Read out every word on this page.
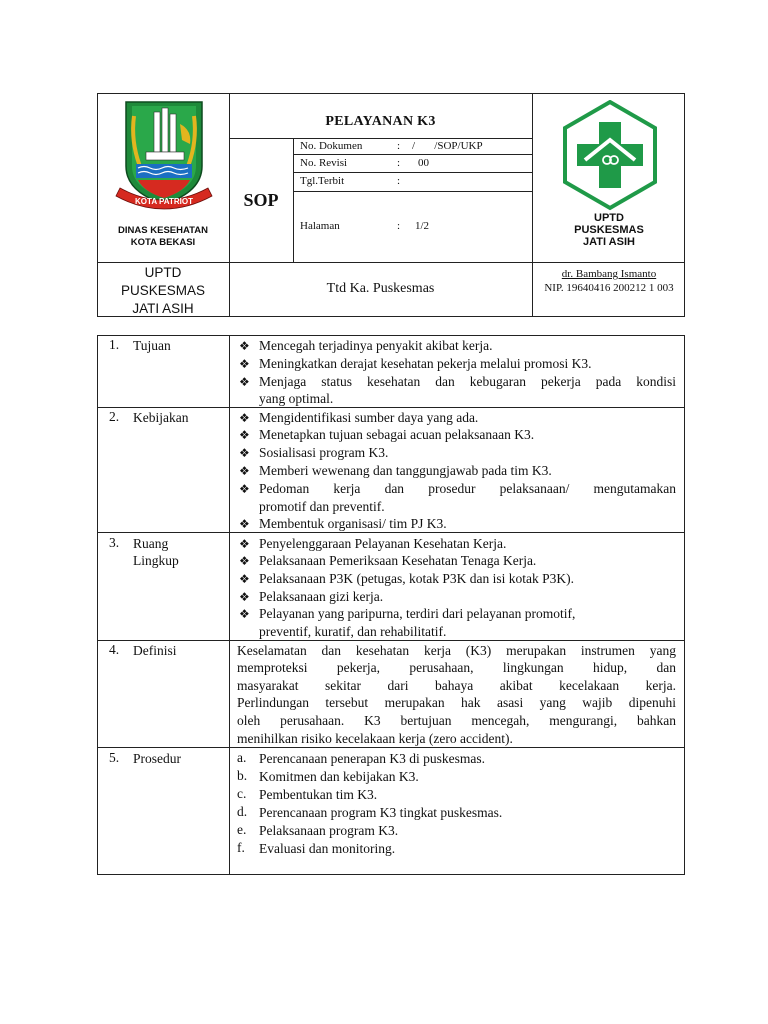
KOTA PATRIOT
DINAS KESEHATAN
KOTA BEKASI
PELAYANAN K3
SOP
No. Dokumen	: /       /SOP/UKP
No. Revisi	: 00
Tgl.Terbit	:
Halaman	: 1/2
UPTD
PUSKESMAS
JATI ASIH
UPTD
PUSKESMAS
JATI ASIH
Ttd Ka. Puskesmas
dr. Bambang Ismanto
NIP. 19640416 200212 1 003
1. Tujuan	❖ Mencegah terjadinya penyakit akibat kerja.
❖ Meningkatkan derajat kesehatan pekerja melalui promosi K3.
❖ Menjaga status kesehatan dan kebugaran pekerja pada kondisi
yang optimal.
2. Kebijakan	❖ Mengidentifikasi sumber daya yang ada.
❖ Menetapkan tujuan sebagai acuan pelaksanaan K3.
❖ Sosialisasi program K3.
❖ Memberi wewenang dan tanggungjawab pada tim K3.
❖ Pedoman kerja dan prosedur pelaksanaan/ mengutamakan
promotif dan preventif.
❖ Membentuk organisasi/ tim PJ K3.
3. Ruang
Lingkup
❖ Penyelenggaraan Pelayanan Kesehatan Kerja.
❖ Pelaksanaan Pemeriksaan Kesehatan Tenaga Kerja.
❖ Pelaksanaan P3K (petugas, kotak P3K dan isi kotak P3K).
❖ Pelaksanaan gizi kerja.
❖ Pelayanan yang paripurna, terdiri dari pelayanan promotif,
preventif, kuratif, dan rehabilitatif.
4. Definisi	Keselamatan dan kesehatan kerja (K3) merupakan instrumen yang
memproteksi pekerja, perusahaan, lingkungan hidup, dan
masyarakat sekitar dari bahaya akibat kecelakaan kerja.
Perlindungan tersebut merupakan hak asasi yang wajib dipenuhi
oleh perusahaan. K3 bertujuan mencegah, mengurangi, bahkan
menihilkan risiko kecelakaan kerja (zero accident).
5. Prosedur	a. Perencanaan penerapan K3 di puskesmas.
b. Komitmen dan kebijakan K3.
c. Pembentukan tim K3.
d. Perencanaan program K3 tingkat puskesmas.
e. Pelaksanaan program K3.
f. Evaluasi dan monitoring.
